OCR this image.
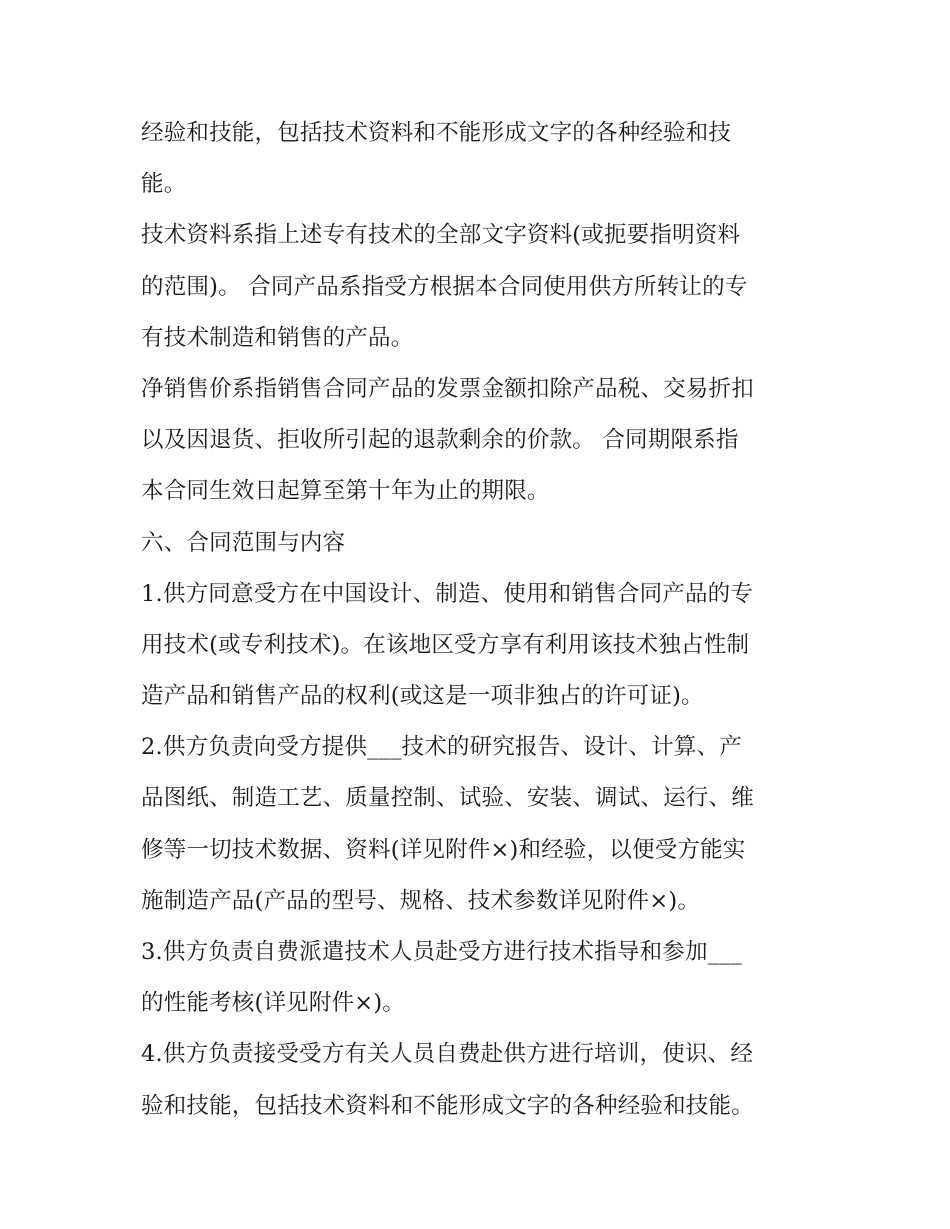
经验和技能，包括技术资料和不能形成文字的各种经验和技
能。
技术资料系指上述专有技术的全部文字资料(或扼要指明资料
的范围)。 合同产品系指受方根据本合同使用供方所转让的专
有技术制造和销售的产品。
净销售价系指销售合同产品的发票金额扣除产品税、交易折扣
以及因退货、拒收所引起的退款剩余的价款。 合同期限系指
本合同生效日起算至第十年为止的期限。
六、合同范围与内容
1.供方同意受方在中国设计、制造、使用和销售合同产品的专
用技术(或专利技术)。在该地区受方享有利用该技术独占性制
造产品和销售产品的权利(或这是一项非独占的许可证)。
2.供方负责向受方提供___技术的研究报告、设计、计算、产
品图纸、制造工艺、质量控制、试验、安装、调试、运行、维
修等一切技术数据、资料(详见附件×)和经验，以便受方能实
施制造产品(产品的型号、规格、技术参数详见附件×)。
3.供方负责自费派遣技术人员赴受方进行技术指导和参加___
的性能考核(详见附件×)。
4.供方负责接受受方有关人员自费赴供方进行培训，使识、经
验和技能，包括技术资料和不能形成文字的各种经验和技能。
